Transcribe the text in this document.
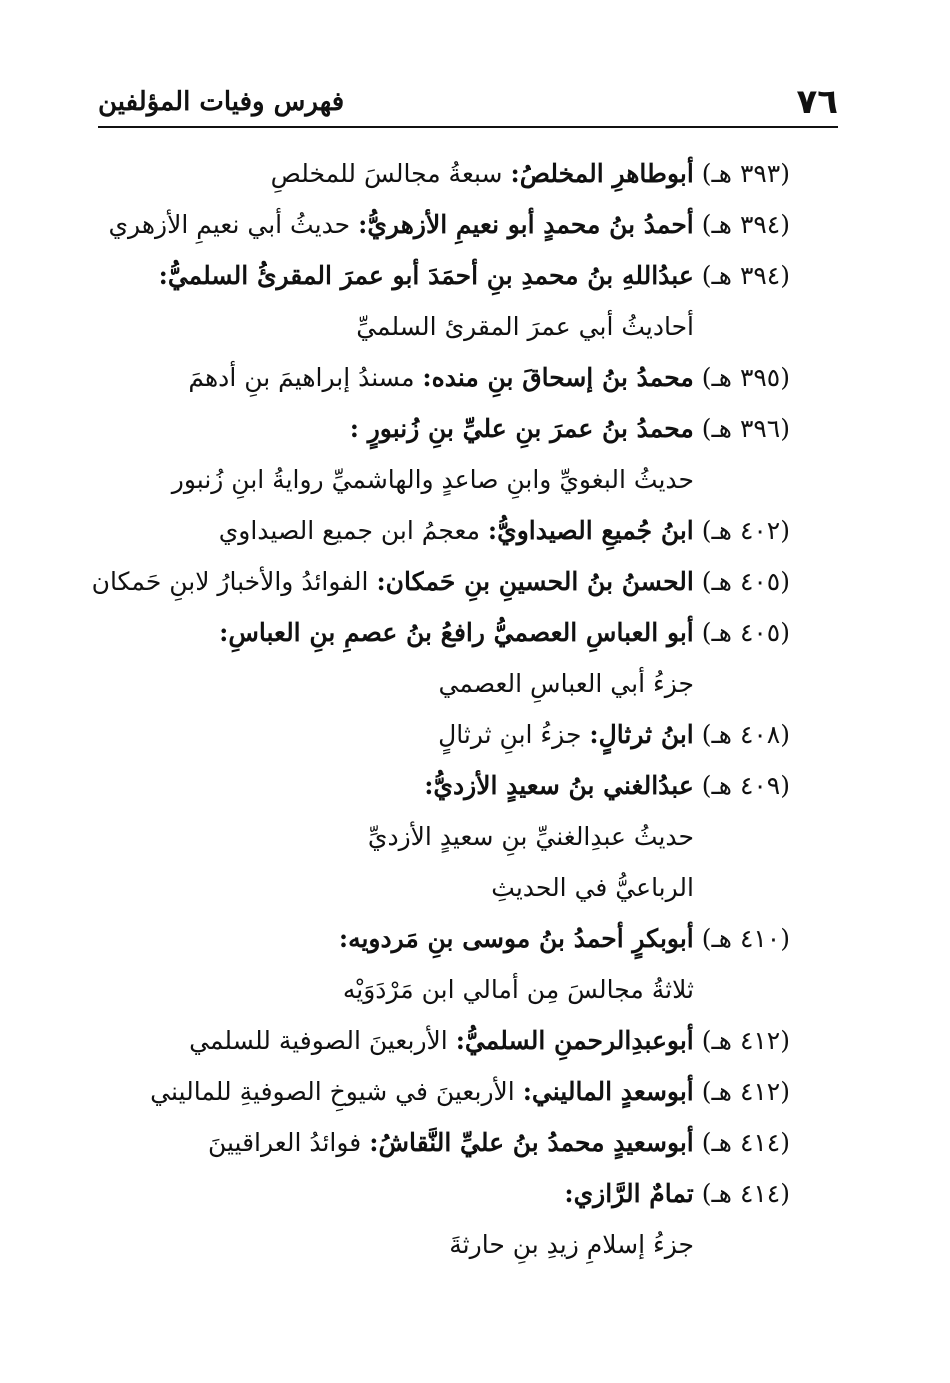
٧٦
فهرس وفيات المؤلفين
(٣٩٣ هـ) أبوطاهرِ المخلصُ: سبعةُ مجالسَ للمخلصِ
(٣٩٤ هـ) أحمدُ بنُ محمدٍ أبو نعيمِ الأزهريُّ: حديثُ أبي نعيمِ الأزهري
(٣٩٤ هـ) عبدُاللهِ بنُ محمدِ بنِ أحمَدَ أبو عمرَ المقرئُ السلميُّ:
أحاديثُ أبي عمرَ المقرئ السلميِّ
(٣٩٥ هـ) محمدُ بنُ إسحاقَ بنِ منده: مسندُ إبراهيمَ بنِ أدهمَ
(٣٩٦ هـ) محمدُ بنُ عمرَ بنِ عليِّ بنِ زُنبورٍ :
حديثُ البغويِّ وابنِ صاعدٍ والهاشميِّ روايةُ ابنِ زُنبور
(٤٠٢ هـ) ابنُ جُميعِ الصيداويُّ: معجمُ ابن جميع الصيداوي
(٤٠٥ هـ) الحسنُ بنُ الحسينِ بنِ حَمكان: الفوائدُ والأخبارُ لابنِ حَمكان
(٤٠٥ هـ) أبو العباسِ العصميُّ رافعُ بنُ عصمِ بنِ العباسِ:
جزءُ أبي العباسِ العصمي
(٤٠٨ هـ) ابنُ ثرثالٍ: جزءُ ابنِ ثرثالٍ
(٤٠٩ هـ) عبدُالغني بنُ سعيدٍ الأزديُّ:
حديثُ عبدِالغنيِّ بنِ سعيدٍ الأزديِّ
الرباعيُّ في الحديثِ
(٤١٠ هـ) أبوبكرٍ أحمدُ بنُ موسى بنِ مَردويه:
ثلاثةُ مجالسَ مِن أمالي ابن مَرْدَوَيْه
(٤١٢ هـ) أبوعبدِالرحمنِ السلميُّ: الأربعينَ الصوفية للسلمي
(٤١٢ هـ) أبوسعدٍ الماليني: الأربعينَ في شيوخِ الصوفيةِ للماليني
(٤١٤ هـ) أبوسعيدٍ محمدُ بنُ عليِّ النَّقاشُ: فوائدُ العراقيينَ
(٤١٤ هـ) تمامٌ الرَّازي:
جزءُ إسلامِ زيدِ بنِ حارثةَ
